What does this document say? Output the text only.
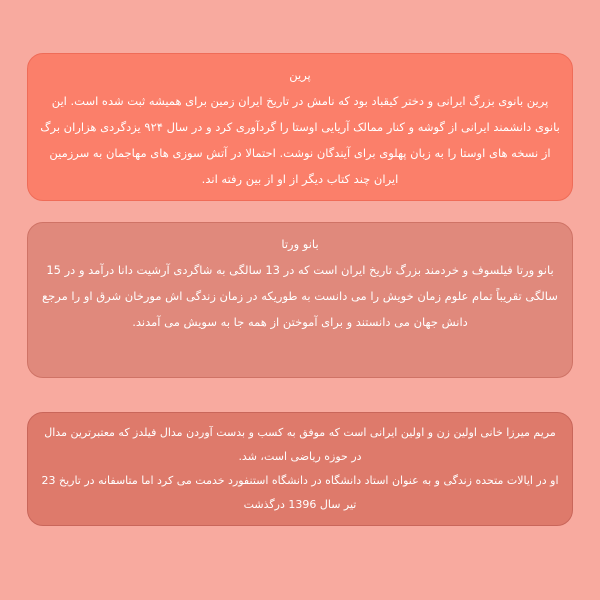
پرین
پرین بانوی بزرگ ایرانی و دختر کیقباد بود که نامش در تاریخ ایران زمین برای همیشه ثبت شده است. این بانوی دانشمند ایرانی از گوشه و کنار ممالک آریایی اوستا را گردآوری کرد و در سال ۹۲۴ یزدگردی هزاران برگ از نسخه های اوستا را به زبان پهلوی برای آیندگان نوشت. احتمالا در آتش سوزی های مهاجمان به سرزمین ایران چند کتاب دیگر از او از بین رفته اند.
بانو ورتا
بانو ورتا فیلسوف و خردمند بزرگ تاریخ ایران است که در 13 سالگی به شاگردی آرشیت دانا درآمد و در 15 سالگی تقریباً تمام علوم زمان خویش را می دانست به طوریکه در زمان زندگی اش مورخان شرق او را مرجع دانش جهان می دانستند و برای آموختن از همه جا به سویش می آمدند.
مریم میرزا خانی اولین زن و اولین ایرانی است که موفق به کسب و بدست آوردن مدال فیلدز که معتبرترین مدال در حوزه ریاضی است، شد.
او در ایالات متحده زندگی و به عنوان استاد دانشگاه در دانشگاه استنفورد خدمت می کرد اما متاسفانه در تاریخ 23 تیر سال 1396 درگذشت
